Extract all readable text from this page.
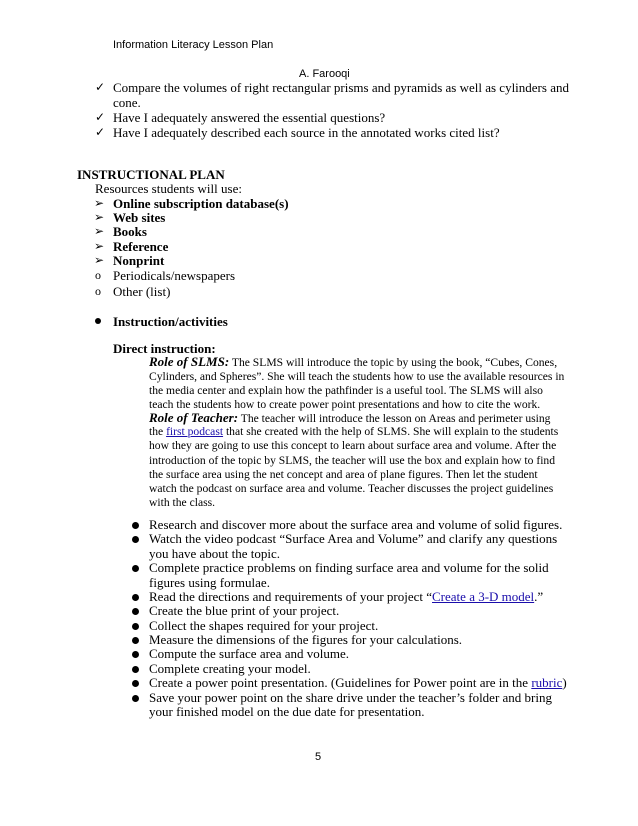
Information Literacy Lesson Plan
A. Farooqi
✓ Compare the volumes of right rectangular prisms and pyramids as well as cylinders and
cone.
✓ Have I adequately answered the essential questions?
✓ Have I adequately described each source in the annotated works cited list?
INSTRUCTIONAL PLAN
Resources students will use:
➢ Online subscription database(s)
➢ Web sites
➢ Books
➢ Reference
➢ Nonprint
o Periodicals/newspapers
o Other (list)
Instruction/activities
Direct instruction:
Role of SLMS: The SLMS will introduce the topic by using the book, “Cubes, Cones,
Cylinders, and Spheres”. She will teach the students how to use the available resources in
the media center and explain how the pathfinder is a useful tool. The SLMS will also
teach the students how to create power point presentations and how to cite the work.
Role of Teacher: The teacher will introduce the lesson on Areas and perimeter using
the first podcast that she created with the help of SLMS. She will explain to the students
how they are going to use this concept to learn about surface area and volume. After the
introduction of the topic by SLMS, the teacher will use the box and explain how to find
the surface area using the net concept and area of plane figures. Then let the student
watch the podcast on surface area and volume. Teacher discusses the project guidelines
with the class.
Research and discover more about the surface area and volume of solid figures.
Watch the video podcast “Surface Area and Volume” and clarify any questions
you have about the topic.
Complete practice problems on finding surface area and volume for the solid
figures using formulae.
Read the directions and requirements of your project “Create a 3-D model.”
Create the blue print of your project.
Collect the shapes required for your project.
Measure the dimensions of the figures for your calculations.
Compute the surface area and volume.
Complete creating your model.
Create a power point presentation. (Guidelines for Power point are in the rubric)
Save your power point on the share drive under the teacher’s folder and bring
your finished model on the due date for presentation.
5
